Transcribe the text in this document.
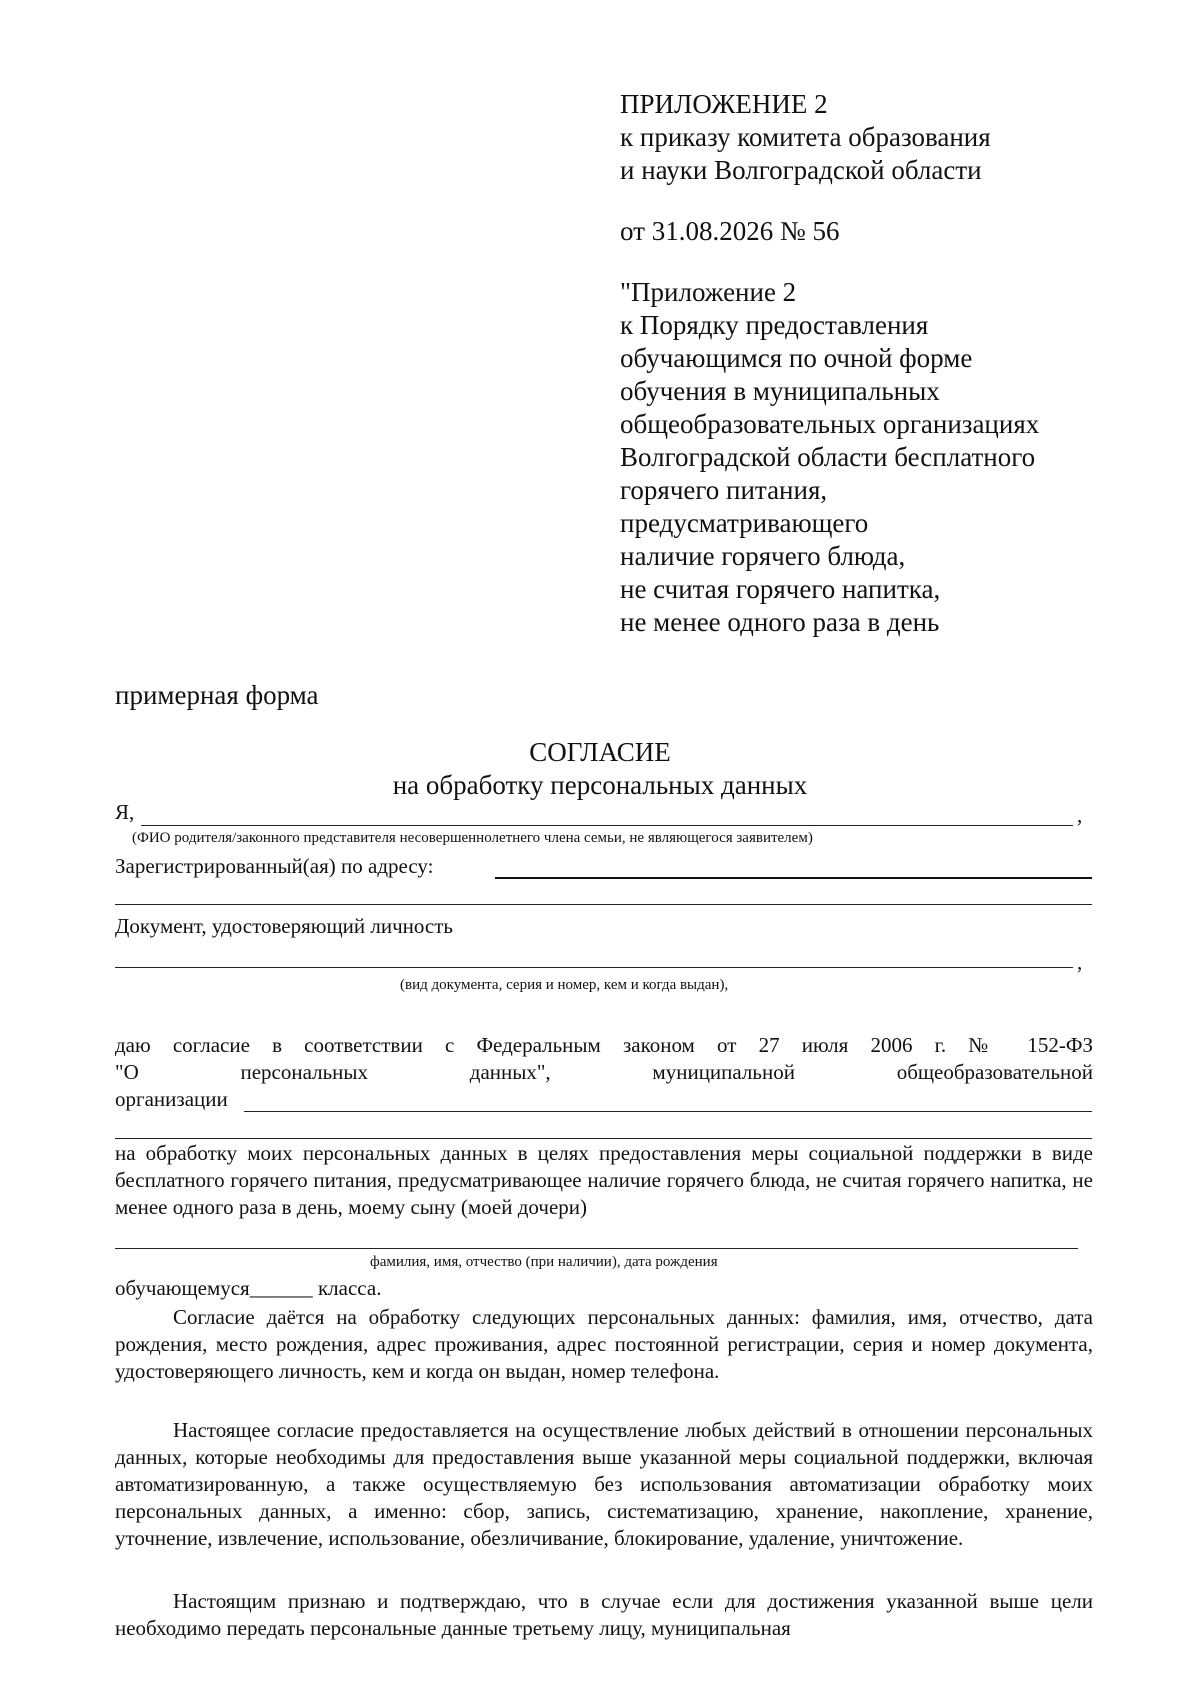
ПРИЛОЖЕНИЕ 2
к приказу комитета образования
и науки Волгоградской области
от 31.08.2026 № 56
"Приложение 2
к Порядку предоставления
обучающимся по очной форме
обучения в муниципальных
общеобразовательных организациях
Волгоградской области бесплатного
горячего питания,
предусматривающего
наличие горячего блюда,
не считая горячего напитка,
не менее одного раза в день
примерная форма
СОГЛАСИЕ
на обработку персональных данных
Я,	,
(ФИО родителя/законного представителя несовершеннолетнего члена семьи, не являющегося заявителем)
Зарегистрированный(ая) по адресу:
Документ, удостоверяющий личность
,
(вид документа, серия и номер, кем и когда выдан),
даю согласие в соответствии с Федеральным законом от 27 июля 2006 г. № 152-ФЗ
"О персональных данных", муниципальной общеобразовательной
организации
на обработку моих персональных данных в целях предоставления меры социальной поддержки в виде бесплатного горячего питания, предусматривающее наличие горячего блюда, не считая горячего напитка, не менее одного раза в день, моему сыну (моей дочери)
фамилия, имя, отчество (при наличии), дата рождения
обучающемуся______ класса.
Согласие даётся на обработку следующих персональных данных: фамилия, имя, отчество, дата рождения, место рождения, адрес проживания, адрес постоянной регистрации, серия и номер документа, удостоверяющего личность, кем и когда он выдан, номер телефона.
Настоящее согласие предоставляется на осуществление любых действий в отношении персональных данных, которые необходимы для предоставления выше указанной меры социальной поддержки, включая автоматизированную, а также осуществляемую без использования автоматизации обработку моих персональных данных, а именно: сбор, запись, систематизацию, хранение, накопление, хранение, уточнение, извлечение, использование, обезличивание, блокирование, удаление, уничтожение.
Настоящим признаю и подтверждаю, что в случае если для достижения указанной выше цели необходимо передать персональные данные третьему лицу, муниципальная
